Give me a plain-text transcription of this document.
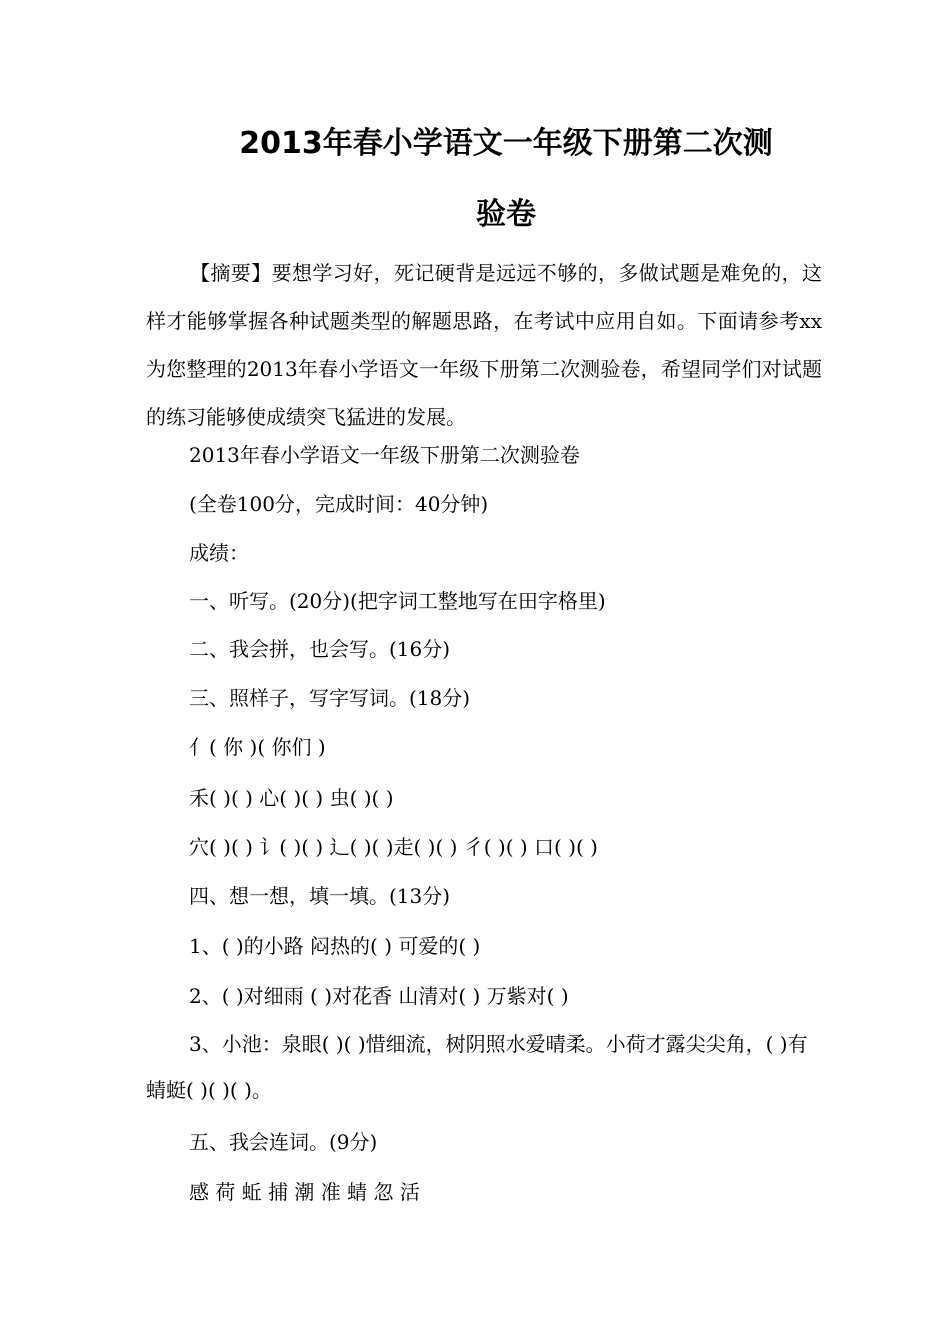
2013年春小学语文一年级下册第二次测
验卷
【摘要】要想学习好，死记硬背是远远不够的，多做试题是难免的，这样才能够掌握各种试题类型的解题思路，在考试中应用自如。下面请参考xx为您整理的2013年春小学语文一年级下册第二次测验卷，希望同学们对试题的练习能够使成绩突飞猛进的发展。
2013年春小学语文一年级下册第二次测验卷
(全卷100分，完成时间：40分钟)
成绩：
一、听写。(20分)(把字词工整地写在田字格里)
二、我会拼，也会写。(16分)
三、照样子，写字写词。(18分)
亻( 你 )( 你们 )
禾( )( ) 心( )( ) 虫( )( )
穴( )( ) 讠( )( ) 辶( )( )走( )( ) 彳( )( ) 口( )( )
四、想一想，填一填。(13分)
1、( )的小路 闷热的( ) 可爱的( )
2、( )对细雨 ( )对花香 山清对( ) 万紫对( )
3、小池：泉眼( )( )惜细流，树阴照水爱晴柔。小荷才露尖尖角，( )有蜻蜓( )( )( )。
五、我会连词。(9分)
感 荷 蚯 捕 潮 准 蜻 忽 活
